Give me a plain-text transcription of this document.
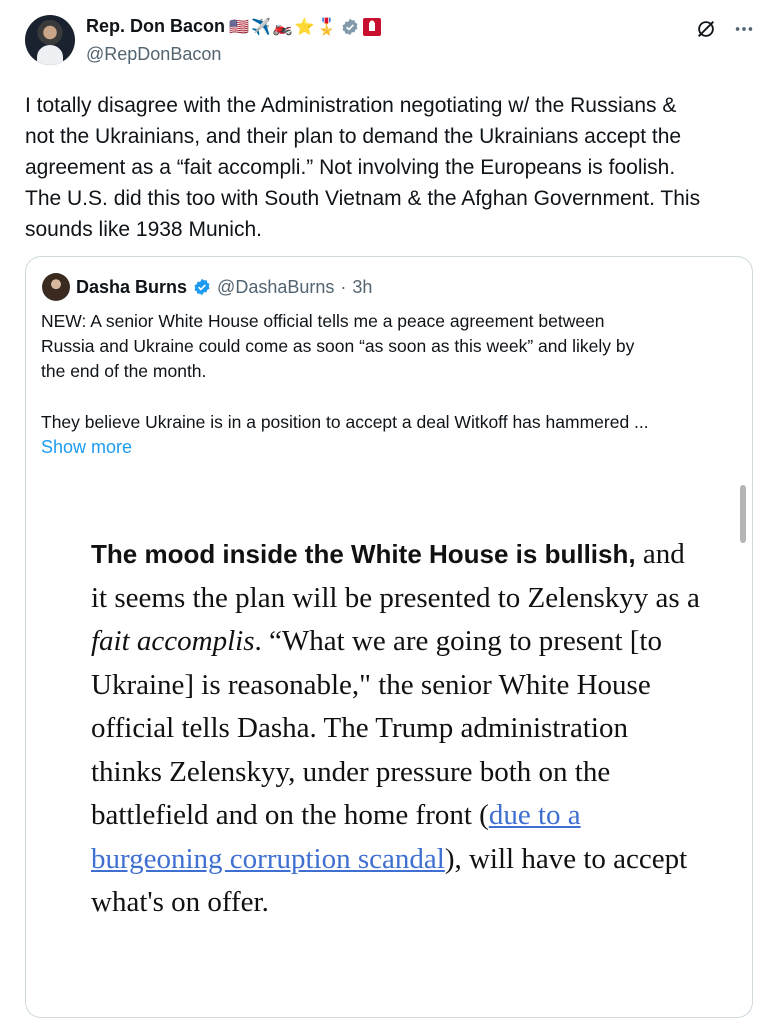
Rep. Don Bacon 🇺🇸 ✈️ 🏍️ ⭐ 🎖️
@RepDonBacon
I totally disagree with the Administration negotiating w/ the Russians &
not the Ukrainians, and their plan to demand the Ukrainians accept the
agreement as a “fait accompli.” Not involving the Europeans is foolish.
The U.S. did this too with South Vietnam & the Afghan Government. This
sounds like 1938 Munich.
Dasha Burns @DashaBurns · 3h
NEW: A senior White House official tells me a peace agreement between
Russia and Ukraine could come as soon “as soon as this week” and likely by
the end of the month.
They believe Ukraine is in a position to accept a deal Witkoff has hammered ...
Show more
The mood inside the White House is bullish, and it seems the plan will be presented to Zelenskyy as a fait accomplis. “What we are going to present [to Ukraine] is reasonable," the senior White House official tells Dasha. The Trump administration thinks Zelenskyy, under pressure both on the battlefield and on the home front (due to a burgeoning corruption scandal), will have to accept what's on offer.
